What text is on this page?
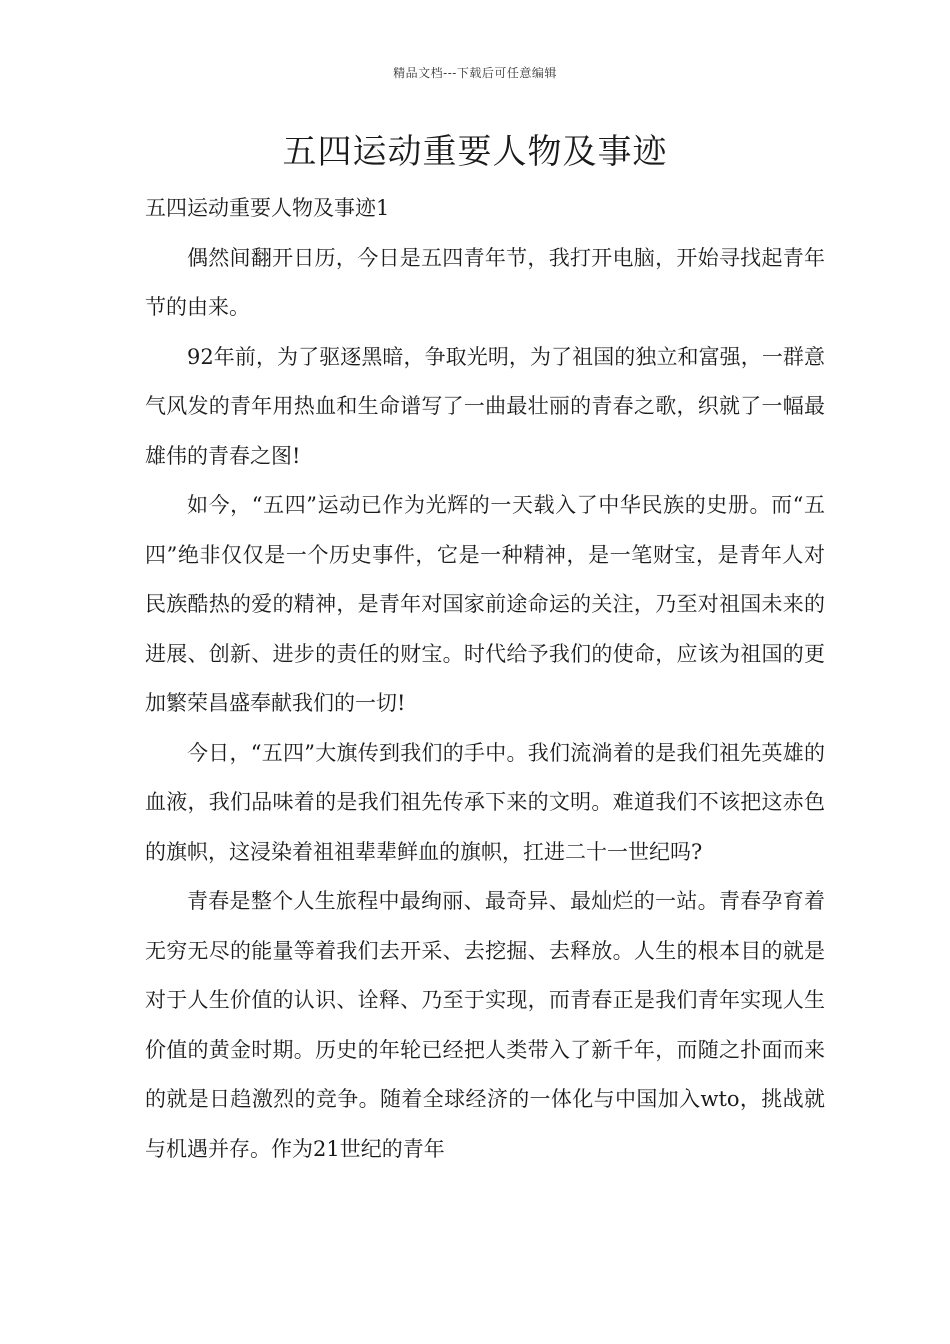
精品文档---下载后可任意编辑
五四运动重要人物及事迹

五四运动重要人物及事迹1

偶然间翻开日历，今日是五四青年节，我打开电脑，开始寻找起青年节的由来。

92年前，为了驱逐黑暗，争取光明，为了祖国的独立和富强，一群意气风发的青年用热血和生命谱写了一曲最壮丽的青春之歌，织就了一幅最雄伟的青春之图!

如今，“五四”运动已作为光辉的一天载入了中华民族的史册。而“五四”绝非仅仅是一个历史事件，它是一种精神，是一笔财宝，是青年人对民族酷热的爱的精神，是青年对国家前途命运的关注，乃至对祖国未来的进展、创新、进步的责任的财宝。时代给予我们的使命，应该为祖国的更加繁荣昌盛奉献我们的一切!

今日，“五四”大旗传到我们的手中。我们流淌着的是我们祖先英雄的血液，我们品味着的是我们祖先传承下来的文明。难道我们不该把这赤色的旗帜，这浸染着祖祖辈辈鲜血的旗帜，扛进二十一世纪吗?

青春是整个人生旅程中最绚丽、最奇异、最灿烂的一站。青春孕育着无穷无尽的能量等着我们去开采、去挖掘、去释放。人生的根本目的就是对于人生价值的认识、诠释、乃至于实现，而青春正是我们青年实现人生价值的黄金时期。历史的年轮已经把人类带入了新千年，而随之扑面而来的就是日趋激烈的竞争。随着全球经济的一体化与中国加入wto，挑战就与机遇并存。作为21世纪的青年
